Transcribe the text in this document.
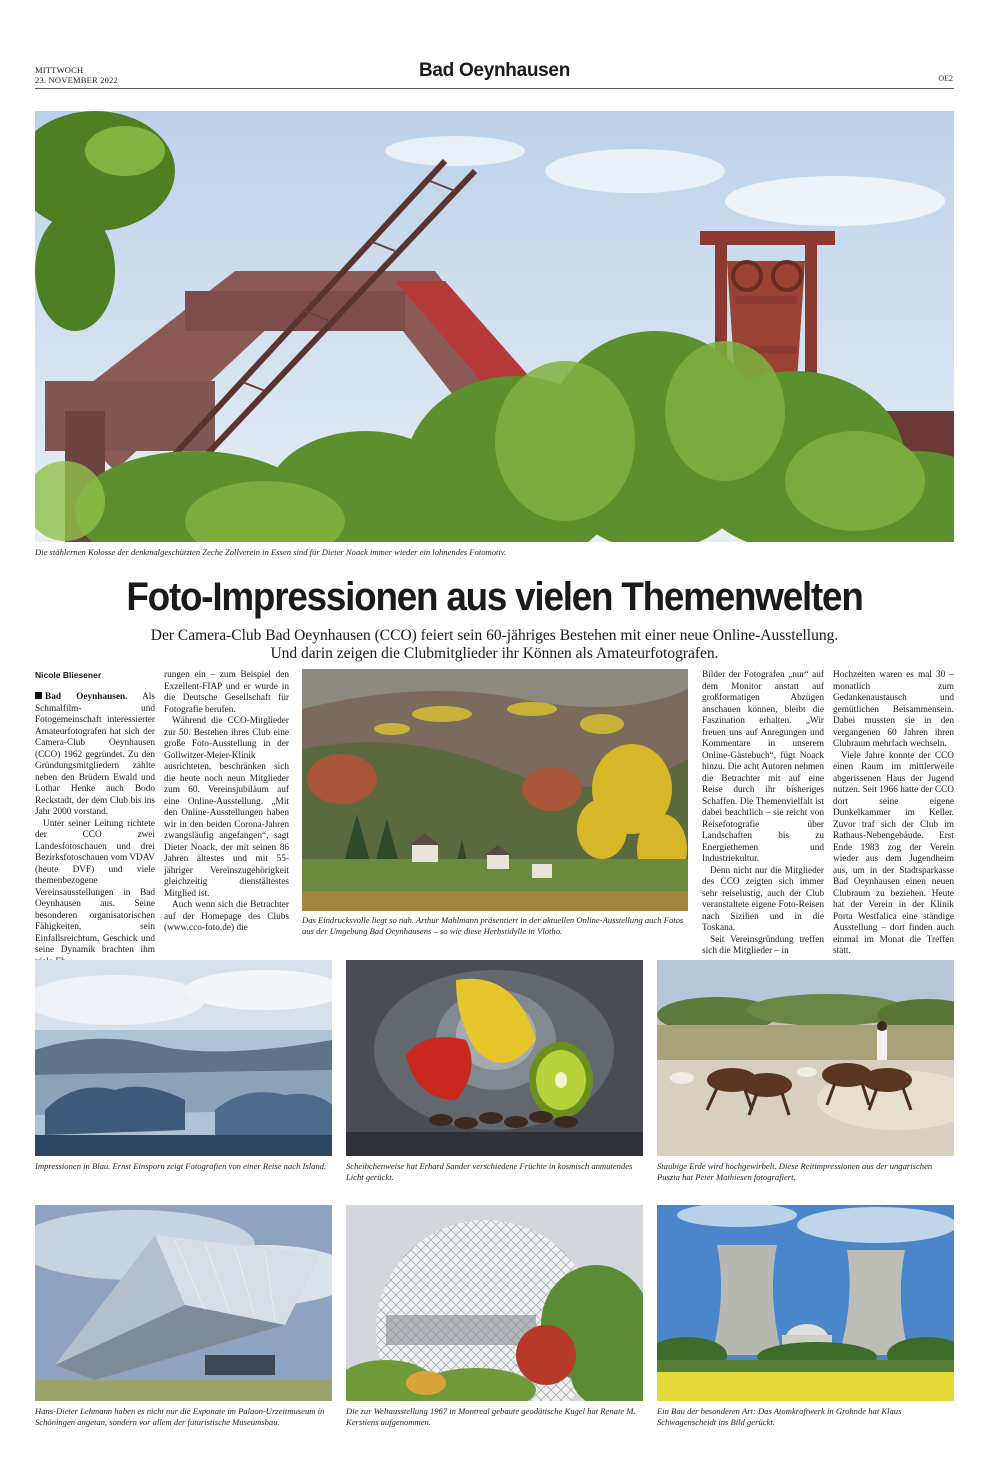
MITTWOCH
23. NOVEMBER 2022	Bad Oeynhausen	OE2
Die stählernen Kolosse der denkmalgeschützten Zeche Zollverein in Essen sind für Dieter Noack immer wieder ein lohnendes Fotomotiv.
Foto-Impressionen aus vielen Themenwelten
Der Camera-Club Bad Oeynhausen (CCO) feiert sein 60-jähriges Bestehen mit einer neue Online-Ausstellung.
Und darin zeigen die Clubmitglieder ihr Können als Amateurfotografen.
Nicole Bliesener

Bad Oeynhausen. Als Schmalfilm- und Fotogemeinschaft interessierter Amateurfotografen hat sich der Camera-Club Oeynhausen (CCO) 1962 gegründet. Zu den Gründungsmitgliedern zählte neben den Brüdern Ewald und Lothar Henke auch Bodo Reckstadt, der dem Club bis ins Jahr 2000 vorstand.

Unter seiner Leitung richtete der CCO zwei Landesfotoschauen und drei Bezirksfotoschauen vom VDAV (heute DVF) und viele themenbezogene Vereinsausstellungen in Bad Oeynhausen aus. Seine besonderen organisatorischen Fähigkeiten, sein Einfallsreichtum, Geschick und seine Dynamik brachten ihm

rungen ein – zum Beispiel den Exzellent-FIAP und er wurde in die Deutsche Gesellschaft für Fotografie berufen.

Während die CCO-Mitglieder zur 50. Bestehen ihres Club eine große Foto-Ausstellung in der Gollwitzer-Meier-Klinik ausrichteten, beschränken sich die heute noch neun Mitglieder zum 60. Vereinsjubiläum auf eine Online-Ausstellung. „Mit den Online-Ausstellungen haben wir in den beiden Corona-Jahren zwangsläufig angefangen“, sagt Dieter Noack, der mit seinen 86 Jahren ältestes und mit 55-jähriger Vereinszugehörigkeit gleichzeitig dienstältestes Mitglied ist.

Auch wenn sich die Betrachter auf der Homepage des Clubs (www.cco-foto.de) die

Das Eindrucksvolle liegt so nah. Arthur Mahlmann präsentiert in der aktuellen Online-Ausstellung auch Fotos aus der Umgebung Bad Oeynhausens – so wie diese Herbstidylle in Vlotho.

Bilder der Fotografen „nur“ auf dem Monitor anstatt auf großformatigen Abzügen anschauen können, bleibt die Faszination erhalten. „Wir freuen uns auf Anregungen und Kommentare in unserem Online-Gästebuch“, fügt Noack hinzu. Die acht Autoren nehmen die Betrachter mit auf eine Reise durch ihr bisheriges Schaffen. Die Themenvielfalt ist dabei beachtlich – sie reicht von Reisefotografie über Landschaften bis zu Energiethemen und Industriekultur.

Denn nicht nur die Mitglieder des CCO zeigten sich immer sehr reiselustig, auch der Club veranstaltete eigene Foto-Reisen nach Sizilien und in die Toskana.

Seit Vereinsgründung treffen sich die Mitglieder – in

Hochzeiten waren es mal 30 – monatlich zum Gedankenaustausch und gemütlichen Beisammensein. Dabei mussten sie in den vergangenen 60 Jahren ihren Clubraum mehrfach wechseln.

Viele Jahre konnte der CCO einen Raum im mittlerweile abgerissenen Haus der Jugend nutzen. Seit 1966 hatte der CCO dort seine eigene Dunkelkammer im Keller. Zuvor traf sich der Club im Rathaus-Nebengebäude. Erst Ende 1983 zog der Verein wieder aus dem Jugendheim aus, um in der Stadtsparkasse Bad Oeynhausen einen neuen Clubraum zu beziehen. Heute hat der Verein in der Klinik Porta Westfalica eine ständige Ausstellung – dort finden auch einmal im Monat die Treffen statt.

Impressionen in Blau. Ernst Einsporn zeigt Fotografien von einer Reise nach Island.	Scheibchenweise hat Erhard Sander verschiedene Früchte in kosmisch anmutendes Licht gerückt.
Staubige Erde wird hochgewirbelt. Diese Reitimpressionen aus der ungarischen Puszta hat Peter Mathiesen fotografiert.
Hans-Dieter Lehmann haben es nicht nur die Exponate im Palaon-Urzeitmuseum in Schöningen angetan, sondern vor allem der futuristische Museumsbau.
Die zur Weltausstellung 1967 in Montreal gebaute geodätische Kugel hat Renate M. Kerstiens aufgenommen.
Ein Bau der besonderen Art: Das Atomkraftwerk in Grohnde hat Klaus Schwagenscheidt ins Bild gerückt.
